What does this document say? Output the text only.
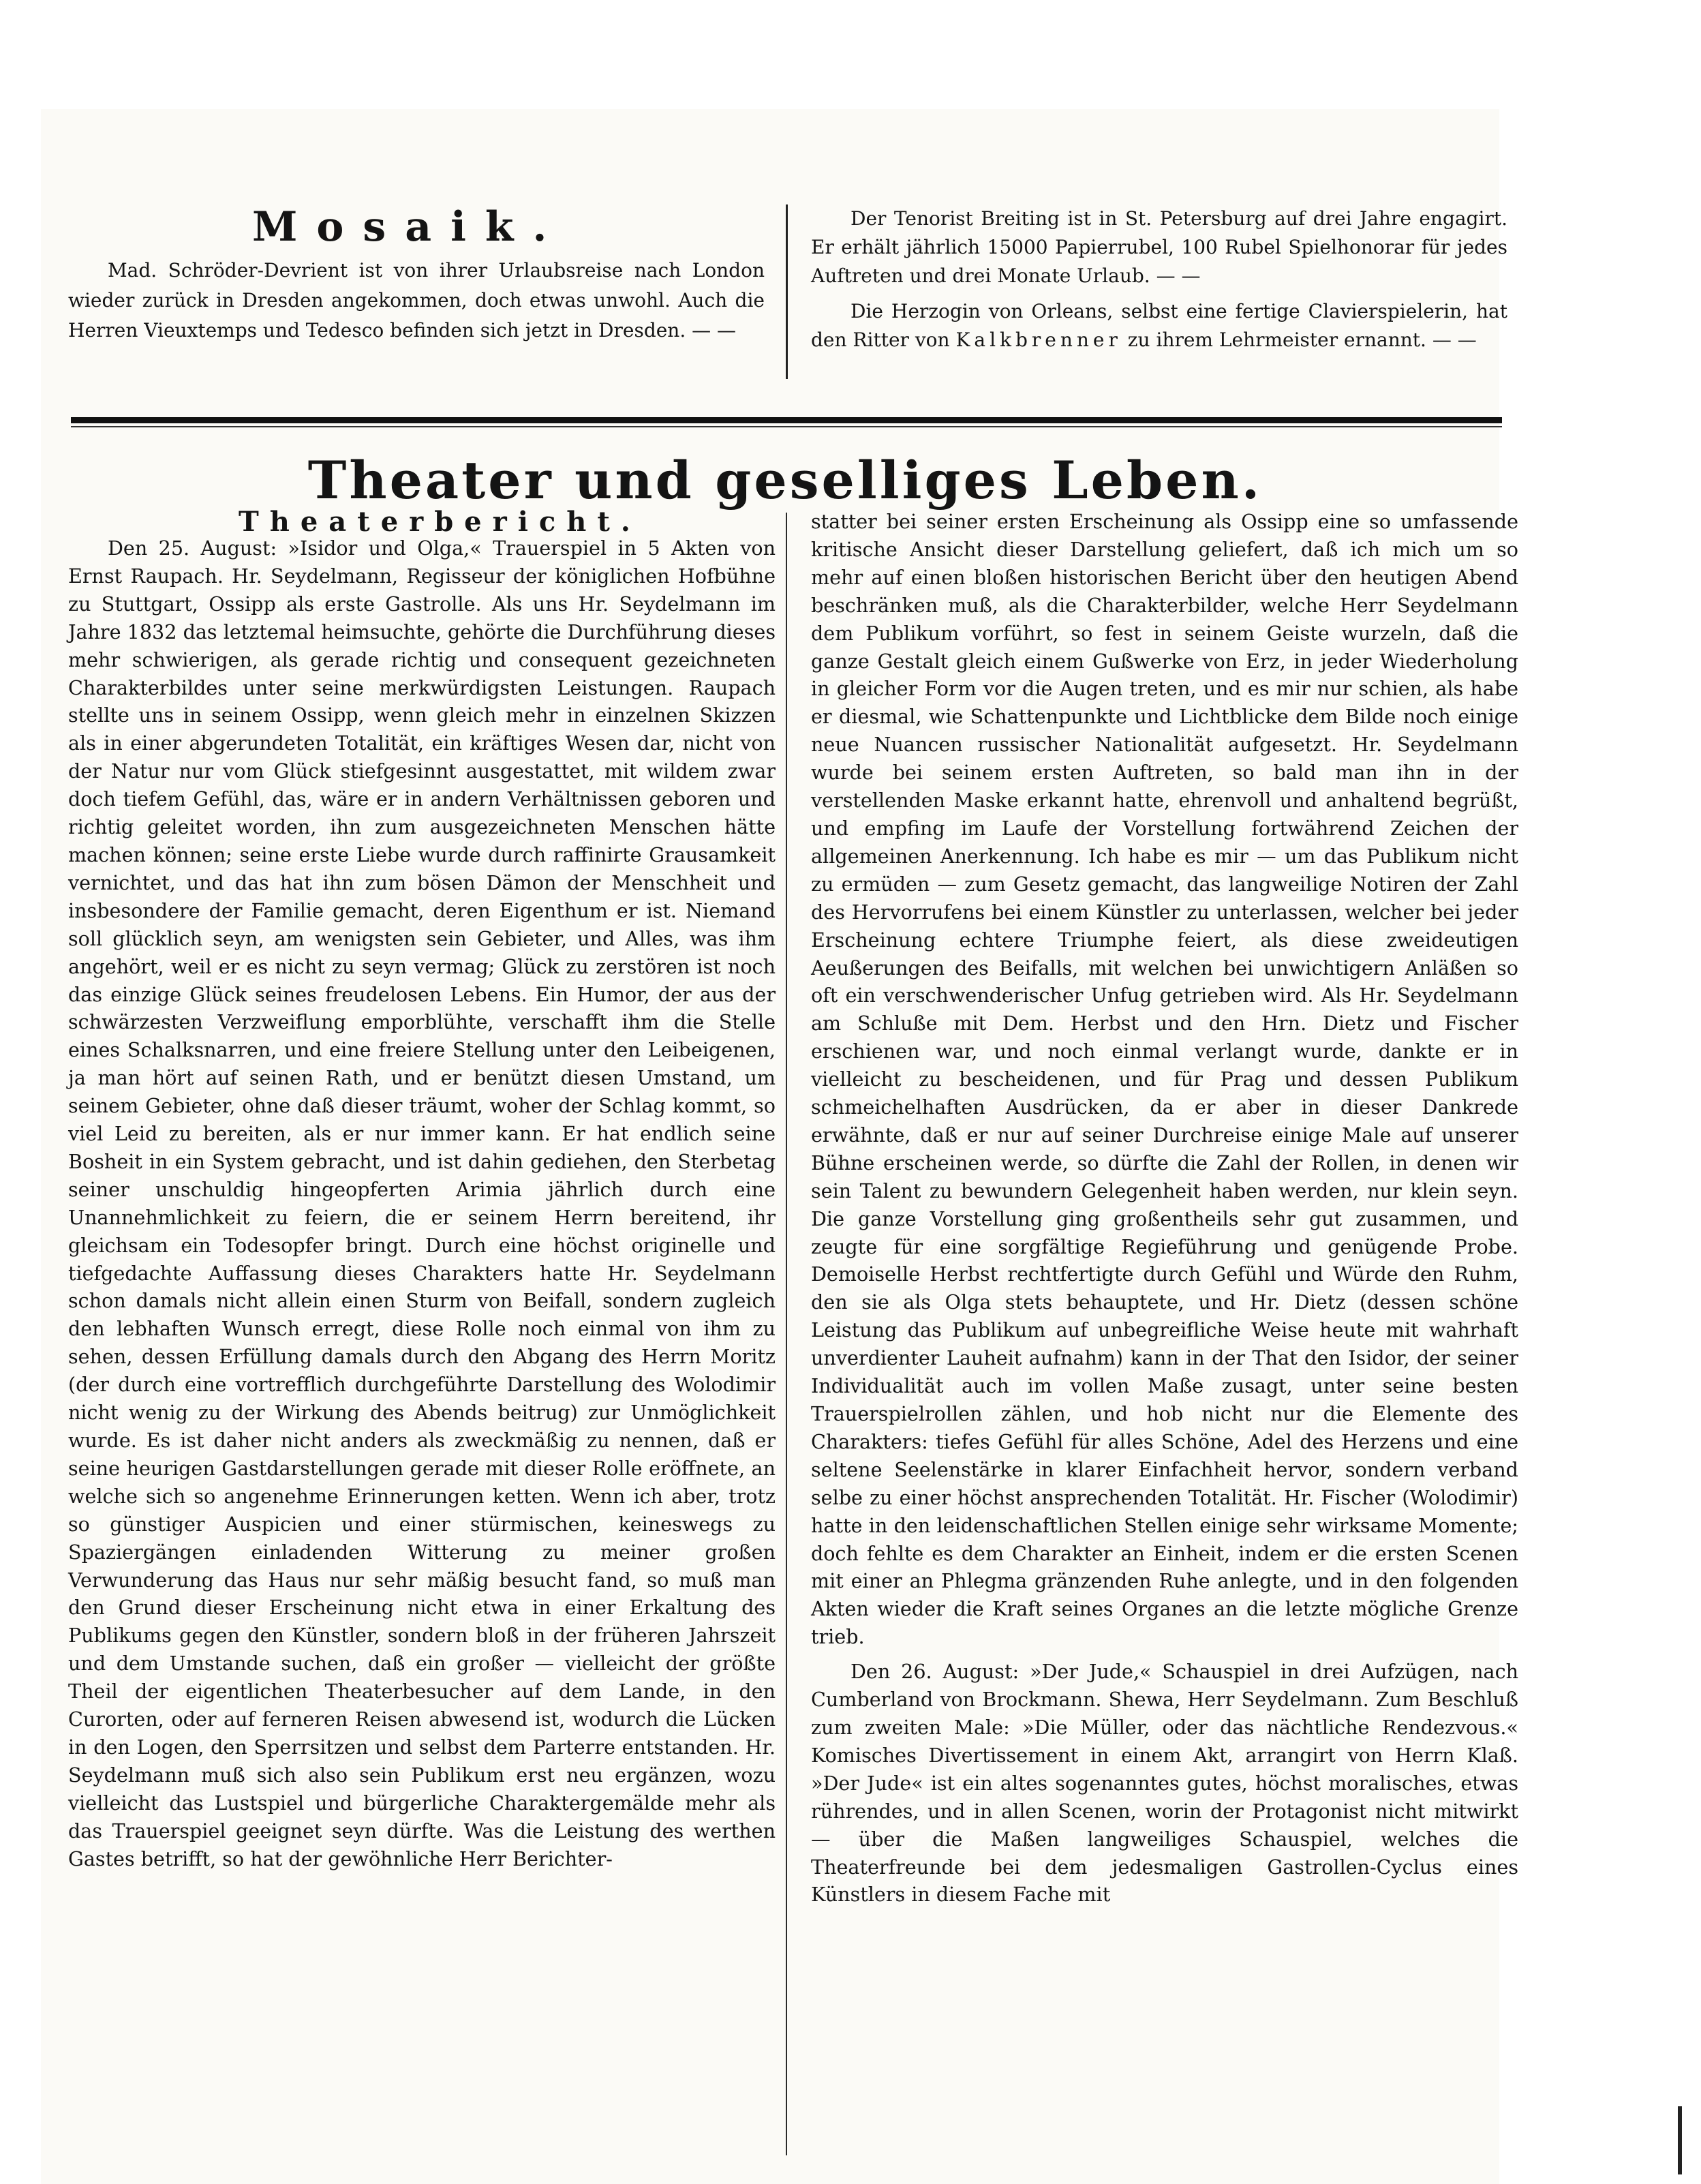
Mosaik.

Mad. Schröder-Devrient ist von ihrer Urlaubsreise nach London wieder zurück in Dresden angekommen, doch etwas unwohl. Auch die Herren Vieuxtemps und Tedesco befinden sich jetzt in Dresden. — —

Der Tenorist Breiting ist in St. Petersburg auf drei Jahre engagirt. Er erhält jährlich 15000 Papierrubel, 100 Rubel Spielhonorar für jedes Auftreten und drei Monate Urlaub. — —

Die Herzogin von Orleans, selbst eine fertige Clavierspielerin, hat den Ritter von Kalkbrenner zu ihrem Lehrmeister ernannt. — —

Theater und geselliges Leben.
Theaterbericht.

Den 25. August: »Isidor und Olga,« Trauerspiel in 5 Akten von Ernst Raupach. Hr. Seydelmann, Regisseur der königlichen Hofbühne zu Stuttgart, Ossipp als erste Gastrolle. Als uns Hr. Seydelmann im Jahre 1832 das letztemal heimsuchte, gehörte die Durchführung dieses mehr schwierigen, als gerade richtig und consequent gezeichneten Charakterbildes unter seine merkwürdigsten Leistungen. Raupach stellte uns in seinem Ossipp, wenn gleich mehr in einzelnen Skizzen als in einer abgerundeten Totalität, ein kräftiges Wesen dar, nicht von der Natur nur vom Glück stiefgesinnt ausgestattet, mit wildem zwar doch tiefem Gefühl, das, wäre er in andern Verhältnissen geboren und richtig geleitet worden, ihn zum ausgezeichneten Menschen hätte machen können; seine erste Liebe wurde durch raffinirte Grausamkeit vernichtet, und das hat ihn zum bösen Dämon der Menschheit und insbesondere der Familie gemacht, deren Eigenthum er ist. Niemand soll glücklich seyn, am wenigsten sein Gebieter, und Alles, was ihm angehört, weil er es nicht zu seyn vermag; Glück zu zerstören ist noch das einzige Glück seines freudelosen Lebens. Ein Humor, der aus der schwärzesten Verzweiflung emporblühte, verschafft ihm die Stelle eines Schalksnarren, und eine freiere Stellung unter den Leibeigenen, ja man hört auf seinen Rath, und er benützt diesen Umstand, um seinem Gebieter, ohne daß dieser träumt, woher der Schlag kommt, so viel Leid zu bereiten, als er nur immer kann. Er hat endlich seine Bosheit in ein System gebracht, und ist dahin gediehen, den Sterbetag seiner unschuldig hingeopferten Arimia jährlich durch eine Unannehmlichkeit zu feiern, die er seinem Herrn bereitend, ihr gleichsam ein Todesopfer bringt. Durch eine höchst originelle und tiefgedachte Auffassung dieses Charakters hatte Hr. Seydelmann schon damals nicht allein einen Sturm von Beifall, sondern zugleich den lebhaften Wunsch erregt, diese Rolle noch einmal von ihm zu sehen, dessen Erfüllung damals durch den Abgang des Herrn Moritz (der durch eine vortrefflich durchgeführte Darstellung des Wolodimir nicht wenig zu der Wirkung des Abends beitrug) zur Unmöglichkeit wurde. Es ist daher nicht anders als zweckmäßig zu nennen, daß er seine heurigen Gastdarstellungen gerade mit dieser Rolle eröffnete, an welche sich so angenehme Erinnerungen ketten. Wenn ich aber, trotz so günstiger Auspicien und einer stürmischen, keineswegs zu Spaziergängen einladenden Witterung zu meiner großen Verwunderung das Haus nur sehr mäßig besucht fand, so muß man den Grund dieser Erscheinung nicht etwa in einer Erkaltung des Publikums gegen den Künstler, sondern bloß in der früheren Jahrszeit und dem Umstande suchen, daß ein großer — vielleicht der größte Theil der eigentlichen Theaterbesucher auf dem Lande, in den Curorten, oder auf ferneren Reisen abwesend ist, wodurch die Lücken in den Logen, den Sperrsitzen und selbst dem Parterre entstanden. Hr. Seydelmann muß sich also sein Publikum erst neu ergänzen, wozu vielleicht das Lustspiel und bürgerliche Charaktergemälde mehr als das Trauerspiel geeignet seyn dürfte. Was die Leistung des werthen Gastes betrifft, so hat der gewöhnliche Herr Berichter-

statter bei seiner ersten Erscheinung als Ossipp eine so umfassende kritische Ansicht dieser Darstellung geliefert, daß ich mich um so mehr auf einen bloßen historischen Bericht über den heutigen Abend beschränken muß, als die Charakterbilder, welche Herr Seydelmann dem Publikum vorführt, so fest in seinem Geiste wurzeln, daß die ganze Gestalt gleich einem Gußwerke von Erz, in jeder Wiederholung in gleicher Form vor die Augen treten, und es mir nur schien, als habe er diesmal, wie Schattenpunkte und Lichtblicke dem Bilde noch einige neue Nuancen russischer Nationalität aufgesetzt. Hr. Seydelmann wurde bei seinem ersten Auftreten, so bald man ihn in der verstellenden Maske erkannt hatte, ehrenvoll und anhaltend begrüßt, und empfing im Laufe der Vorstellung fortwährend Zeichen der allgemeinen Anerkennung. Ich habe es mir — um das Publikum nicht zu ermüden — zum Gesetz gemacht, das langweilige Notiren der Zahl des Hervorrufens bei einem Künstler zu unterlassen, welcher bei jeder Erscheinung echtere Triumphe feiert, als diese zweideutigen Aeußerungen des Beifalls, mit welchen bei unwichtigern Anläßen so oft ein verschwenderischer Unfug getrieben wird. Als Hr. Seydelmann am Schluße mit Dem. Herbst und den Hrn. Dietz und Fischer erschienen war, und noch einmal verlangt wurde, dankte er in vielleicht zu bescheidenen, und für Prag und dessen Publikum schmeichelhaften Ausdrücken, da er aber in dieser Dankrede erwähnte, daß er nur auf seiner Durchreise einige Male auf unserer Bühne erscheinen werde, so dürfte die Zahl der Rollen, in denen wir sein Talent zu bewundern Gelegenheit haben werden, nur klein seyn. Die ganze Vorstellung ging großentheils sehr gut zusammen, und zeugte für eine sorgfältige Regieführung und genügende Probe. Demoiselle Herbst rechtfertigte durch Gefühl und Würde den Ruhm, den sie als Olga stets behauptete, und Hr. Dietz (dessen schöne Leistung das Publikum auf unbegreifliche Weise heute mit wahrhaft unverdienter Lauheit aufnahm) kann in der That den Isidor, der seiner Individualität auch im vollen Maße zusagt, unter seine besten Trauerspielrollen zählen, und hob nicht nur die Elemente des Charakters: tiefes Gefühl für alles Schöne, Adel des Herzens und eine seltene Seelenstärke in klarer Einfachheit hervor, sondern verband selbe zu einer höchst ansprechenden Totalität. Hr. Fischer (Wolodimir) hatte in den leidenschaftlichen Stellen einige sehr wirksame Momente; doch fehlte es dem Charakter an Einheit, indem er die ersten Scenen mit einer an Phlegma gränzenden Ruhe anlegte, und in den folgenden Akten wieder die Kraft seines Organes an die letzte mögliche Grenze trieb.

Den 26. August: »Der Jude,« Schauspiel in drei Aufzügen, nach Cumberland von Brockmann. Shewa, Herr Seydelmann. Zum Beschluß zum zweiten Male: »Die Müller, oder das nächtliche Rendezvous.« Komisches Divertissement in einem Akt, arrangirt von Herrn Klaß. »Der Jude« ist ein altes sogenanntes gutes, höchst moralisches, etwas rührendes, und in allen Scenen, worin der Protagonist nicht mitwirkt — über die Maßen langweiliges Schauspiel, welches die Theaterfreunde bei dem jedesmaligen Gastrollen-Cyclus eines Künstlers in diesem Fache mit
